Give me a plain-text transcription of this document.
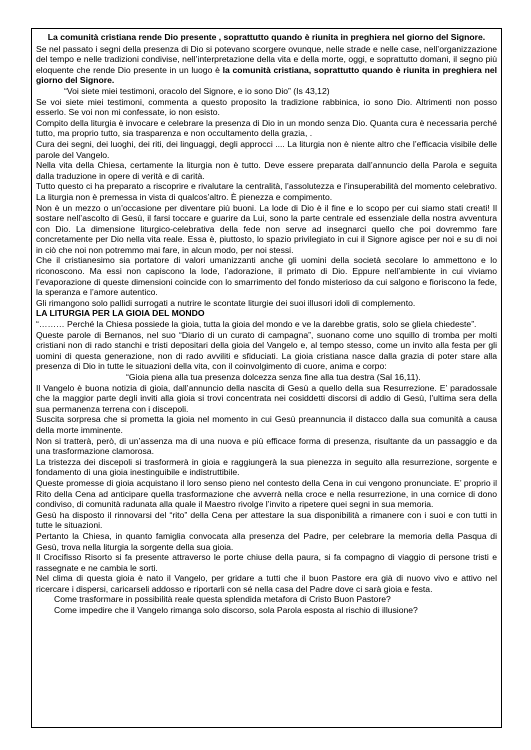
La comunità cristiana rende Dio presente , soprattutto quando è riunita in preghiera nel giorno del Signore.

Se nel passato i segni della presenza di Dio si potevano scorgere ovunque, nelle strade e nelle case, nell’organizzazione del tempo e nelle tradizioni condivise, nell’interpretazione della vita e della morte, oggi, e soprattutto domani, il segno più eloquente che rende Dio presente in un luogo è la comunità cristiana, soprattutto quando è riunita in preghiera nel giorno del Signore.

“Voi siete miei testimoni, oracolo del Signore, e io sono Dio” (Is 43,12)

Se voi siete miei testimoni, commenta a questo proposito la tradizione rabbinica, io sono Dio. Altrimenti non posso esserlo. Se voi non mi confessate, io non esisto.

Compito della liturgia è invocare e celebrare la presenza di Dio in un mondo senza Dio. Quanta cura è necessaria perché tutto, ma proprio tutto, sia trasparenza e non occultamento della grazia, .

Cura dei segni, dei luoghi, dei riti, dei linguaggi, degli approcci .... La liturgia non è niente altro che l’efficacia visibile delle parole del Vangelo.

Nella vita della Chiesa, certamente la liturgia non è tutto. Deve essere preparata dall’annuncio della Parola e seguita dalla traduzione in opere di verità e di carità.

Tutto questo ci ha preparato a riscoprire e rivalutare la centralità, l’assolutezza e l’insuperabilità del momento celebrativo. La liturgia non è premessa in vista di qualcos’altro. È pienezza e compimento.

Non è un mezzo o un’occasione per diventare più buoni. La lode di Dio è il fine e lo scopo per cui siamo stati creati! Il sostare nell’ascolto di Gesù, il farsi toccare e guarire da Lui, sono la parte centrale ed essenziale della nostra avventura con Dio. La dimensione liturgico-celebrativa della fede non serve ad insegnarci quello che poi dovremmo fare concretamente per Dio nella vita reale. Essa è, piuttosto, lo spazio privilegiato in cui il Signore agisce per noi e su di noi in ciò che noi non potremmo mai fare, in alcun modo, per noi stessi.

Che il cristianesimo sia portatore di valori umanizzanti anche gli uomini della società secolare lo ammettono e lo riconoscono. Ma essi non capiscono la lode, l’adorazione, il primato di Dio. Eppure nell’ambiente in cui viviamo l’evaporazione di queste dimensioni coincide con lo smarrimento del fondo misterioso da cui salgono e fioriscono la fede, la speranza e l’amore autentico.

Gli rimangono solo pallidi surrogati a nutrire le scontate liturgie dei suoi illusori idoli di complemento.

LA LITURGIA PER LA GIOIA DEL MONDO

“……… Perché la Chiesa possiede la gioia, tutta la gioia del mondo e ve la darebbe gratis, solo se gliela chiedeste”.

Queste parole di Bernanos, nel suo “Diario di un curato di campagna”, suonano come uno squillo di tromba per molti cristiani non di rado stanchi e tristi depositari della gioia del Vangelo e, al tempo stesso, come un invito alla festa per gli uomini di questa generazione, non di rado avviliti e sfiduciati. La gioia cristiana nasce dalla grazia di poter stare alla presenza di Dio in tutte le situazioni della vita, con il coinvolgimento di cuore, anima e corpo:

“Gioia piena alla tua presenza dolcezza senza fine alla tua destra (Sal 16,11).

Il Vangelo è buona notizia di gioia, dall’annuncio della nascita di Gesù a quello della sua Resurrezione. E’ paradossale che la maggior parte degli inviti alla gioia si trovi concentrata nei cosiddetti discorsi di addio di Gesù, l’ultima sera della sua permanenza terrena con i discepoli.

Suscita sorpresa che si prometta la gioia nel momento in cui Gesù preannuncia il distacco dalla sua comunità a causa della morte imminente.

Non si tratterà, però, di un’assenza ma di una nuova e più efficace forma di presenza, risultante da un passaggio e da una trasformazione clamorosa.

La tristezza dei discepoli si trasformerà in gioia e raggiungerà la sua pienezza in seguito alla resurrezione, sorgente e fondamento di una gioia inestinguibile e indistruttibile.

Queste promesse di gioia acquistano il loro senso pieno nel contesto della Cena in cui vengono pronunciate. E’ proprio il Rito della Cena ad anticipare quella trasformazione che avverrà nella croce e nella resurrezione, in una cornice di dono condiviso, di comunità radunata alla quale il Maestro rivolge l’invito a ripetere quei segni in sua memoria.

Gesù ha disposto il rinnovarsi del “rito” della Cena per attestare la sua disponibilità a rimanere con i suoi e con tutti in tutte le situazioni.

Pertanto la Chiesa, in quanto famiglia convocata alla presenza del Padre, per celebrare la memoria della Pasqua di Gesù, trova nella liturgia la sorgente della sua gioia.

Il Crocifisso Risorto si fa presente attraverso le porte chiuse della paura, si fa compagno di viaggio di persone tristi e rassegnate e ne cambia le sorti.

Nel clima di questa gioia è nato il Vangelo, per gridare a tutti che il buon Pastore era già di nuovo vivo e attivo nel ricercare i dispersi, caricarseli addosso e riportarli con sé nella casa del Padre dove ci sarà gioia e festa.

Come trasformare in possibilità reale questa splendida metafora di Cristo Buon Pastore?

Come impedire che il Vangelo rimanga solo discorso, sola Parola esposta al rischio di illusione?
